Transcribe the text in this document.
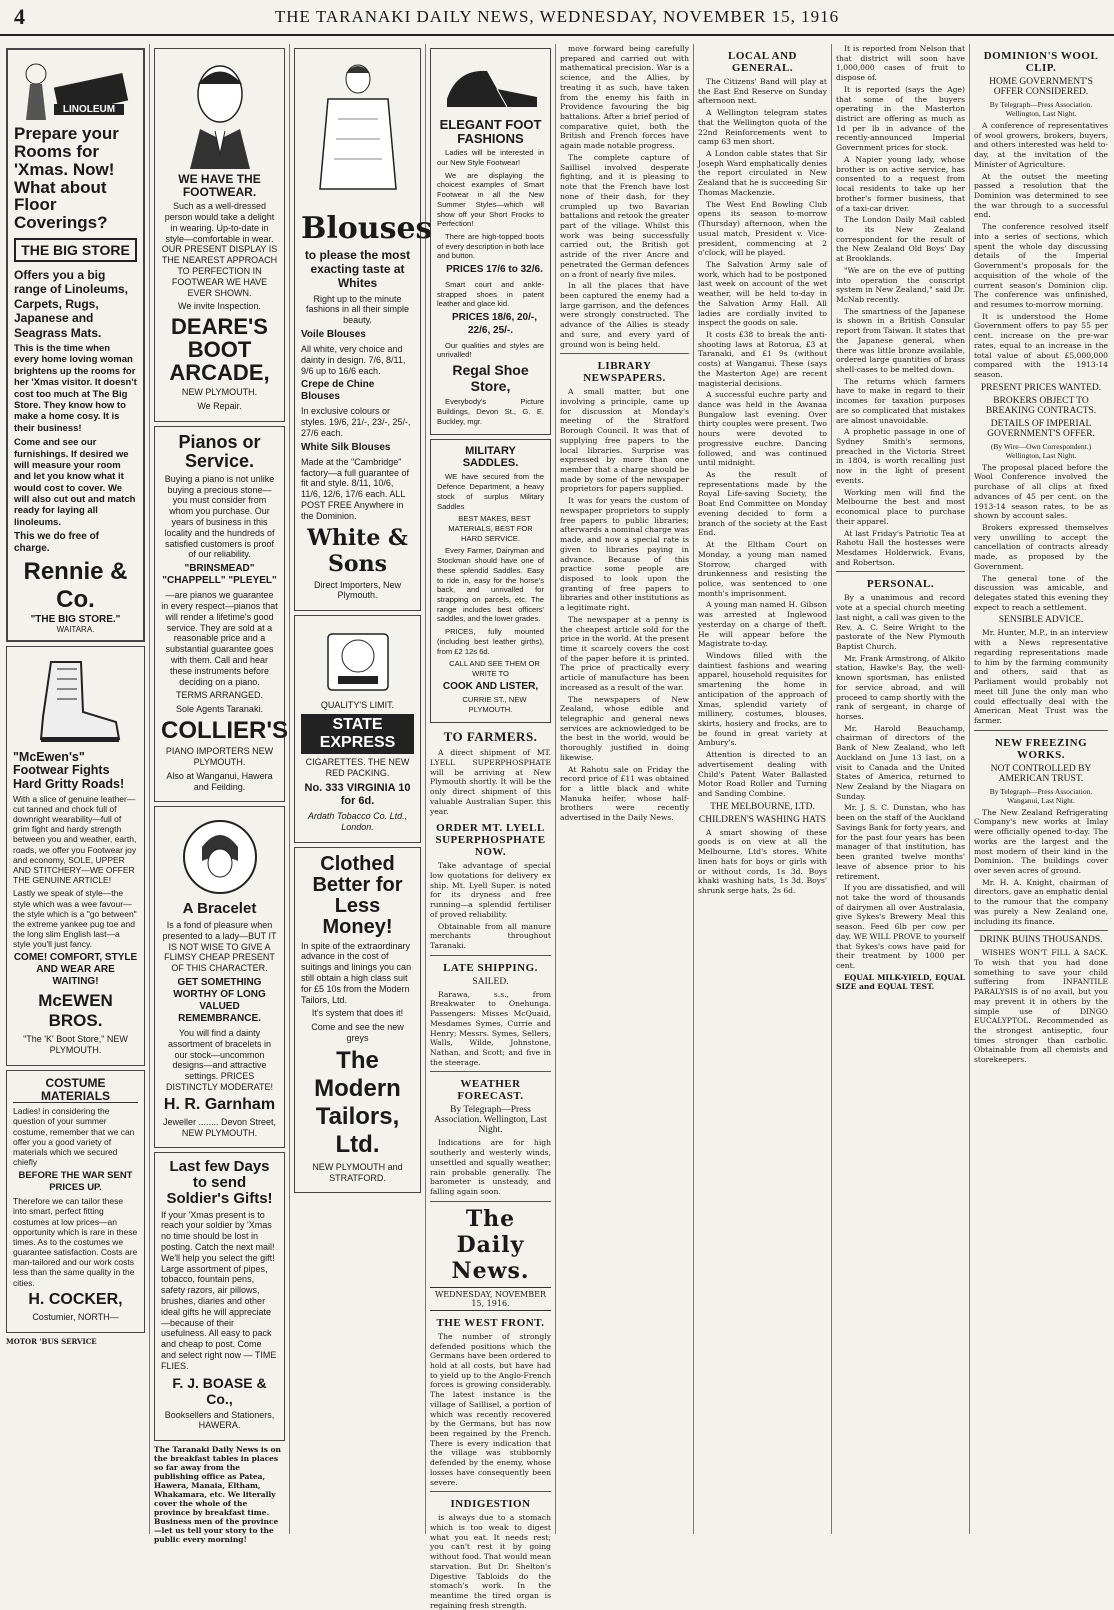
4	THE TARANAKI DAILY NEWS, WEDNESDAY, NOVEMBER 15, 1916
LINOLEUM
Prepare your Rooms for 'Xmas. Now! What about Floor Coverings?
THE BIG STORE

Offers you a big range of Linoleums, Carpets, Rugs, Japanese and Seagrass Mats.

This is the time when every home loving woman brightens up the rooms for her 'Xmas visitor. It doesn't cost too much at The Big Store. They know how to make a home cosy. It is their business!

Come and see our furnishings. If desired we will measure your room and let you know what it would cost to cover. We will also cut out and match ready for laying all linoleums.

This we do free of charge.

Rennie & Co.
"THE BIG STORE."
WAITARA.
"McEwen's" Footwear Fights Hard Gritty Roads!

With a slice of genuine leather—cut tanned and chock full of downright wearability—full of grim fight and hardy strength between you and weather, earth, roads, we offer you Footwear joy and economy, SOLE, UPPER AND STITCHERY—WE OFFER THE GENUINE ARTICLE!

Lastly we speak of style—the style which was a wee favour—the style which is a "go between" the extreme yankee pug toe and the long slim English last—a style you'll just fancy.

COME! COMFORT, STYLE AND WEAR ARE WAITING!

McEWEN BROS.

"The 'K' Boot Store," NEW PLYMOUTH.

COSTUME MATERIALS

Ladies! in considering the question of your summer costume, remember that we can offer you a good variety of materials which we secured chiefly

BEFORE THE WAR SENT PRICES UP.

Therefore we can tailor these into smart, perfect fitting costumes at low prices—an opportunity which is rare in these times. As to the costumes we guarantee satisfaction. Costs are man-tailored and our work costs less than the same quality in the cities.

H. COCKER,

Costumier, NORTH—

MOTOR 'BUS SERVICE
WE HAVE THE FOOTWEAR.

Such as a well-dressed person would take a delight in wearing. Up-to-date in style—comfortable in wear. OUR PRESENT DISPLAY IS THE NEAREST APPROACH TO PERFECTION IN FOOTWEAR WE HAVE EVER SHOWN.

We invite Inspection.

DEARE'S BOOT ARCADE,

NEW PLYMOUTH.

We Repair.

Pianos or Service.

Buying a piano is not unlike buying a precious stone—you must consider from whom you purchase. Our years of business in this locality and the hundreds of satisfied customers is proof of our reliability.

"BRINSMEAD" "CHAPPELL" "PLEYEL"

—are pianos we guarantee in every respect—pianos that will render a lifetime's good service. They are sold at a reasonable price and a substantial guarantee goes with them. Call and hear these instruments before deciding on a piano.

TERMS ARRANGED.

Sole Agents Taranaki.

COLLIER'S

PIANO IMPORTERS NEW PLYMOUTH.

Also at Wanganui, Hawera and Feilding.

A Bracelet

Is a fond of pleasure when presented to a lady—BUT IT IS NOT WISE TO GIVE A FLIMSY CHEAP PRESENT OF THIS CHARACTER.

GET SOMETHING WORTHY OF LONG VALUED REMEMBRANCE.

You will find a dainty assortment of bracelets in our stock—uncommon designs—and attractive settings. PRICES DISTINCTLY MODERATE!

H. R. Garnham

Jeweller ........ Devon Street, NEW PLYMOUTH.

Last few Days to send Soldier's Gifts!

If your 'Xmas present is to reach your soldier by 'Xmas no time should be lost in posting. Catch the next mail! We'll help you select the gift! Large assortment of pipes, tobacco, fountain pens, safety razors, air pillows, brushes, diaries and other ideal gifts he will appreciate—because of their usefulness. All easy to pack and cheap to post. Come and select right now — TIME FLIES.

F. J. BOASE & Co.,

Booksellers and Stationers, HAWERA.

The Taranaki Daily News is on the breakfast tables in places so far away from the publishing office as Patea, Hawera, Manaia, Eltham, Whakamara, etc. We literally cover the whole of the province by breakfast time. Business men of the province—let us tell your story to the public every morning!

Blouses

to please the most exacting taste at Whites

Right up to the minute fashions in all their simple beauty.

Voile Blouses

All white, very choice and dainty in design. 7/6, 8/11, 9/6 up to 16/6 each.

Crepe de Chine Blouses

In exclusive colours or styles. 19/6, 21/-, 23/-, 25/-, 27/6 each.

White Silk Blouses

Made at the "Cambridge" factory—a full guarantee of fit and style. 8/11, 10/6, 11/6, 12/6, 17/6 each. ALL POST FREE Anywhere in the Dominion.

White & Sons

Direct Importers, New Plymouth.

QUALITY'S LIMIT.

STATE EXPRESS

CIGARETTES. THE NEW RED PACKING.

No. 333 VIRGINIA 10 for 6d.

Ardath Tobacco Co. Ltd., London.

Clothed Better for Less Money!

In spite of the extraordinary advance in the cost of suitings and linings you can still obtain a high class suit for £5 10s from the Modern Tailors, Ltd.

It's system that does it!

Come and see the new greys

The Modern Tailors, Ltd.

NEW PLYMOUTH and STRATFORD.

ELEGANT FOOT FASHIONS

Ladies will be interested in our New Style Footwear!

We are displaying the choicest examples of Smart Footwear in all the New Summer Styles—which will show off your Short Frocks to Perfection!

There are high-topped boots of every description in both lace and button.

PRICES 17/6 to 32/6.

Smart court and ankle-strapped shoes in patent leather and glace kid.

PRICES 18/6, 20/-, 22/6, 25/-.

Our qualities and styles are unrivalled!

Regal Shoe Store,

Everybody's Picture Buildings, Devon St., G. E. Buckley, mgr.

MILITARY SADDLES.

WE have secured from the Defence Department, a heavy stock of surplus Military Saddles

BEST MAKES, BEST MATERIALS, BEST FOR HARD SERVICE.

Every Farmer, Dairyman and Stockman should have one of these splendid Saddles. Easy to ride in, easy for the horse's back, and unrivalled for strapping on parcels, etc. The range includes best officers' saddles, and the lower grades.

PRICES, fully mounted (including best leather girths), from £2 12s 6d.

CALL AND SEE THEM OR WRITE TO

COOK AND LISTER,

CURRIE ST., NEW PLYMOUTH.

TO FARMERS.

A direct shipment of MT. LYELL SUPERPHOSPHATE will be arriving at New Plymouth shortly. It will be the only direct shipment of this valuable Australian Super. this year.

ORDER MT. LYELL SUPERPHOSPHATE NOW.

Take advantage of special low quotations for delivery ex ship. Mt. Lyell Super. is noted for its dryness and free running—a splendid fertiliser of proved reliability.

Obtainable from all manure merchants throughout Taranaki.

LATE SHIPPING.
SAILED.

Rarawa, s.s., from Breakwater to Onehunga. Passengers: Misses McQuaid, Mesdames Symes, Currie and Henry; Messrs. Symes, Sellers, Walls, Wilde, Johnstone, Nathan, and Scott; and five in the steerage.

WEATHER FORECAST.
By Telegraph—Press Association. Wellington, Last Night.

Indications are for high southerly and westerly winds, unsettled and squally weather; rain probable generally. The barometer is unsteady, and falling again soon.

The Daily News.
WEDNESDAY, NOVEMBER 15, 1916.
THE WEST FRONT.

The number of strongly defended positions which the Germans have been ordered to hold at all costs, but have had to yield up to the Anglo-French forces is growing considerably. The latest instance is the village of Saillisel, a portion of which was recently recovered by the Germans, but has now been regained by the French. There is every indication that the village was stubbornly defended by the enemy, whose losses have consequently been severe.

INDIGESTION

is always due to a stomach which is too weak to digest what you eat. It needs rest; you can't rest it by going without food. That would mean starvation. But Dr. Shelton's Digestive Tabloids do the stomach's work. In the meantime the tired organ is regaining fresh strength.

move forward being carefully prepared and carried out with mathematical precision. War is a science, and the Allies, by treating it as such, have taken from the enemy his faith in Providence favouring the big battalions. After a brief period of comparative quiet, both the British and French forces have again made notable progress.

The complete capture of Saillisel involved desperate fighting, and it is pleasing to note that the French have lost none of their dash, for they crumpled up two Bavarian battalions and retook the greater part of the village. Whilst this work was being successfully carried out, the British got astride of the river Ancre and penetrated the German defences on a front of nearly five miles.

In all the places that have been captured the enemy had a large garrison, and the defences were strongly constructed. The advance of the Allies is steady and sure, and every yard of ground won is being held.

LIBRARY NEWSPAPERS.

A small matter, but one involving a principle, came up for discussion at Monday's meeting of the Stratford Borough Council. It was that of supplying free papers to the local libraries. Surprise was expressed by more than one member that a charge should be made by some of the newspaper proprietors for papers supplied.

It was for years the custom of newspaper proprietors to supply free papers to public libraries; afterwards a nominal charge was made, and now a special rate is given to libraries paying in advance. Because of this practice some people are disposed to look upon the granting of free papers to libraries and other institutions as a legitimate right.

The newspaper at a penny is the cheapest article sold for the price in the world. At the present time it scarcely covers the cost of the paper before it is printed. The price of practically every article of manufacture has been increased as a result of the war.

The newspapers of New Zealand, whose edible and telegraphic and general news services are acknowledged to be the best in the world, would be thoroughly justified in doing likewise.

At Rahotu sale on Friday the record price of £11 was obtained for a little black and white Manuka heifer, whose half-brothers were recently advertised in the Daily News.

LOCAL AND GENERAL.

The Citizens' Band will play at the East End Reserve on Sunday afternoon next.

A Wellington telegram states that the Wellington quota of the 22nd Reinforcements went to camp 63 men short.

A London cable states that Sir Joseph Ward emphatically denies the report circulated in New Zealand that he is succeeding Sir Thomas Mackenzie.

The West End Bowling Club opens its season to-morrow (Thursday) afternoon, when the usual match, President v. Vice-president, commencing at 2 o'clock, will be played.

The Salvation Army sale of work, which had to be postponed last week on account of the wet weather, will be held to-day in the Salvation Army Hall. All ladies are cordially invited to inspect the goods on sale.

It costs £38 to break the anti-shooting laws at Rotorua, £3 at Taranaki, and £1 9s (without costs) at Wanganui. These (says the Masterton Age) are recent magisterial decisions.

A successful euchre party and dance was held in the Awanaa Bungalow last evening. Over thirty couples were present. Two hours were devoted to progressive euchre. Dancing followed, and was continued until midnight.

As the result of representations made by the Royal Life-saving Society, the Boat End Committee on Monday evening decided to form a branch of the society at the East End.

At the Eltham Court on Monday, a young man named Storrow, charged with drunkenness and resisting the police, was sentenced to one month's imprisonment.

A young man named H. Gibson was arrested at Inglewood yesterday on a charge of theft. He will appear before the Magistrate to-day.

Windows filled with the daintiest fashions and wearing apparel, household requisites for smartening the home in anticipation of the approach of Xmas, splendid variety of millinery, costumes, blouses, skirts, hosiery and frocks, are to be found in great variety at Ambury's.

Attention is directed to an advertisement dealing with Child's Patent Water Ballasted Motor Road Roller and Turning and Sanding Combine.

THE MELBOURNE, LTD.
CHILDREN'S WASHING HATS

A smart showing of these goods is on view at all the Melbourne, Ltd's stores. White linen hats for boys or girls with or without cords, 1s 3d. Boys khaki washing hats, 1s 3d. Boys' shrunk serge hats, 2s 6d.

It is reported from Nelson that that district will soon have 1,000,000 cases of fruit to dispose of.

It is reported (says the Age) that some of the buyers operating in the Masterton district are offering as much as 1d per lb in advance of the recently-announced Imperial Government prices for stock.

A Napier young lady, whose brother is on active service, has consented to a request from local residents to take up her brother's former business, that of a taxi-car driver.

The London Daily Mail cabled to its New Zealand correspondent for the result of the New Zealand Old Boys' Day at Brooklands.

"We are on the eve of putting into operation the conscript system in New Zealand," said Dr. McNab recently.

The smartness of the Japanese is shown in a British Consular report from Taiwan. It states that the Japanese general, when there was little bronze available, ordered large quantities of brass shell-cases to be melted down.

The returns which farmers have to make in regard to their incomes for taxation purposes are so complicated that mistakes are almost unavoidable.

A prophetic passage in one of Sydney Smith's sermons, preached in the Victoria Street in 1804, is worth recalling just now in the light of present events.

Working men will find the Melbourne the best and most economical place to purchase their apparel.

At last Friday's Patriotic Tea at Rahotu Hall the hostesses were Mesdames Holderwick, Evans, and Robertson.

PERSONAL.

By a unanimous and record vote at a special church meeting last night, a call was given to the Rev. A. C. Seire Wright to the pastorate of the New Plymouth Baptist Church.

Mr. Frank Armstrong, of Alkito station, Hawke's Bay, the well-known sportsman, has enlisted for service abroad, and will proceed to camp shortly with the rank of sergeant, in charge of horses.

Mr. Harold Beauchamp, chairman of directors of the Bank of New Zealand, who left Auckland on June 13 last, on a visit to Canada and the United States of America, returned to New Zealand by the Niagara on Sunday.

Mr. J. S. C. Dunstan, who has been on the staff of the Auckland Savings Bank for forty years, and for the past four years has been manager of that institution, has been granted twelve months' leave of absence prior to his retirement.

If you are dissatisfied, and will not take the word of thousands of dairymen all over Australasia, give Sykes's Brewery Meal this season. Feed 6lb per cow per day. WE WILL PROVE to yourself that Sykes's cows have paid for their treatment by 1000 per cent.

EQUAL MILK-YIELD, EQUAL SIZE and EQUAL TEST.

DOMINION'S WOOL CLIP.
HOME GOVERNMENT'S OFFER CONSIDERED.
By Telegraph—Press Association. Wellington, Last Night.

A conference of representatives of wool growers, brokers, buyers, and others interested was held to-day, at the invitation of the Minister of Agriculture.

At the outset the meeting passed a resolution that the Dominion was determined to see the war through to a successful end.

The conference resolved itself into a series of sections, which spent the whole day discussing details of the Imperial Government's proposals for the acquisition of the whole of the current season's Dominion clip. The conference was unfinished, and resumes to-morrow morning.

It is understood the Home Government offers to pay 55 per cent. increase on the pre-war rates, equal to an increase in the total value of about £5,000,000 compared with the 1913-14 season.

PRESENT PRICES WANTED.
BROKERS OBJECT TO BREAKING CONTRACTS.
DETAILS OF IMPERIAL GOVERNMENT'S OFFER.
(By Wire—Own Correspondent.) Wellington, Last Night.

The proposal placed before the Wool Conference involved the purchase of all clips at fixed advances of 45 per cent. on the 1913-14 season rates, to be as shown by account sales.

Brokers expressed themselves very unwilling to accept the cancellation of contracts already made, as proposed by the Government.

The general tone of the discussion was amicable, and delegates stated this evening they expect to reach a settlement.

SENSIBLE ADVICE.

Mr. Hunter, M.P., in an interview with a News representative regarding representations made to him by the farming community and others, said that as Parliament would probably not meet till June the only man who could effectually deal with the American Meat Trust was the farmer.

NEW FREEZING WORKS.
NOT CONTROLLED BY AMERICAN TRUST.
By Telegraph—Press Association. Wanganui, Last Night.

The New Zealand Refrigerating Company's new works at Imlay were officially opened to-day. The works are the largest and the most modern of their kind in the Dominion. The buildings cover over seven acres of ground.

Mr. H. A. Knight, chairman of directors, gave an emphatic denial to the rumour that the company was purely a New Zealand one, including its finance.

DRINK BUINS THOUSANDS.

WISHES WON'T FILL A SACK. To wish that you had done something to save your child suffering from INFANTILE PARALYSIS is of no avail, but you may prevent it in others by the simple use of DINGO EUCALYPTOL. Recommended as the strongest antiseptic, four times stronger than carbolic. Obtainable from all chemists and storekeepers.
